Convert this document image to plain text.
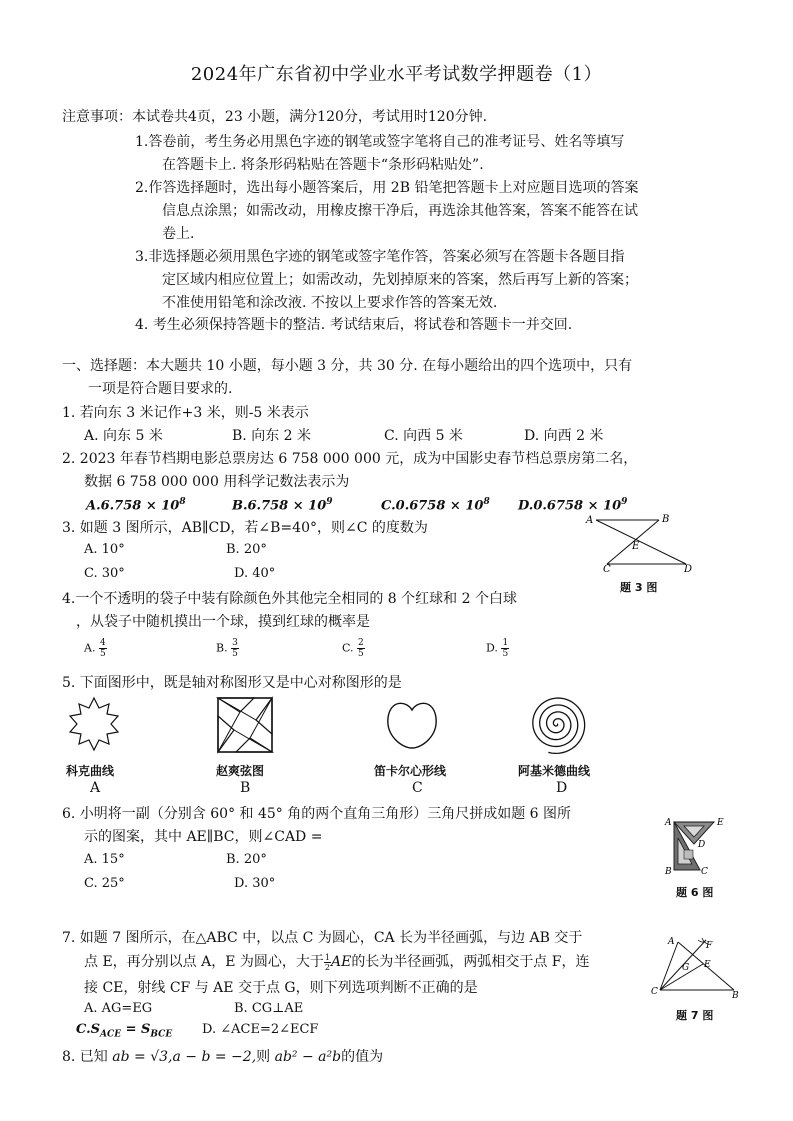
2024年广东省初中学业水平考试数学押题卷（1）
注意事项：本试卷共4页，23 小题，满分120分，考试用时120分钟.
1.答卷前，考生务必用黑色字迹的钢笔或签字笔将自己的准考证号、姓名等填写
在答题卡上. 将条形码粘贴在答题卡“条形码粘贴处”.
2.作答选择题时，选出每小题答案后，用 2B 铅笔把答题卡上对应题目选项的答案
信息点涂黑；如需改动，用橡皮擦干净后，再选涂其他答案，答案不能答在试
卷上.
3.非选择题必须用黑色字迹的钢笔或签字笔作答，答案必须写在答题卡各题目指
定区域内相应位置上；如需改动，先划掉原来的答案，然后再写上新的答案；
不准使用铅笔和涂改液. 不按以上要求作答的答案无效.
4. 考生必须保持答题卡的整洁. 考试结束后，将试卷和答题卡一并交回.
一、选择题：本大题共 10 小题，每小题 3 分，共 30 分. 在每小题给出的四个选项中，只有
一项是符合题目要求的.
1. 若向东 3 米记作+3 米，则-5 米表示
A. 向东 5 米	B. 向东 2 米	C. 向西 5 米	D. 向西 2 米
2. 2023 年春节档期电影总票房达 6 758 000 000 元，成为中国影史春节档总票房第二名，
数据 6 758 000 000 用科学记数法表示为
$A.6.758 \times 10^8$	$B.6.758 \times 10^9$	$C.0.6758 \times 10^8$ $D.0.6758 \times 10^9$
3. 如题 3 图所示，AB∥CD，若∠B=40°，则∠C 的度数为
A. 10°	B. 20°
C. 30°	D. 40°
A	B
E
C	D
题 3 图
4.一个不透明的袋子中装有除颜色外其他完全相同的 8 个红球和 2 个白球
，从袋子中随机摸出一个球，摸到红球的概率是
A. $\frac{4}{5}$	B. $\frac{3}{5}$	C. $\frac{2}{5}$	D. $\frac{1}{5}$
5. 下面图形中，既是轴对称图形又是中心对称图形的是
科克曲线
A
赵爽弦图
B
笛卡尔心形线
C
阿基米德曲线
D
6. 小明将一副（分别含 60° 和 45° 角的两个直角三角形）三角尺拼成如题 6 图所
示的图案，其中 AE∥BC，则∠CAD =
A. 15°	B. 20°
C. 25°	D. 30°
A	E
D
B	C
题 6 图
7. 如题 7 图所示，在△ABC 中，以点 C 为圆心，CA 长为半径画弧，与边 AB 交于
点 E，再分别以点 A，E 为圆心，大于 $\frac{1}{2}$ AE的长为半径画弧，两弧相交于点 F，连
接 CE，射线 CF 与 AE 交于点 G，则下列选项判断不正确的是
A. AG=EG	B. CG⊥AE
$C.S_{ACE} = S_{BCE}$ D. ∠ACE=2∠ECF
A	F
G E
C	B
题 7 图
8. 已知 ab = √3,a − b = −2,则 ab² − a²b的值为
